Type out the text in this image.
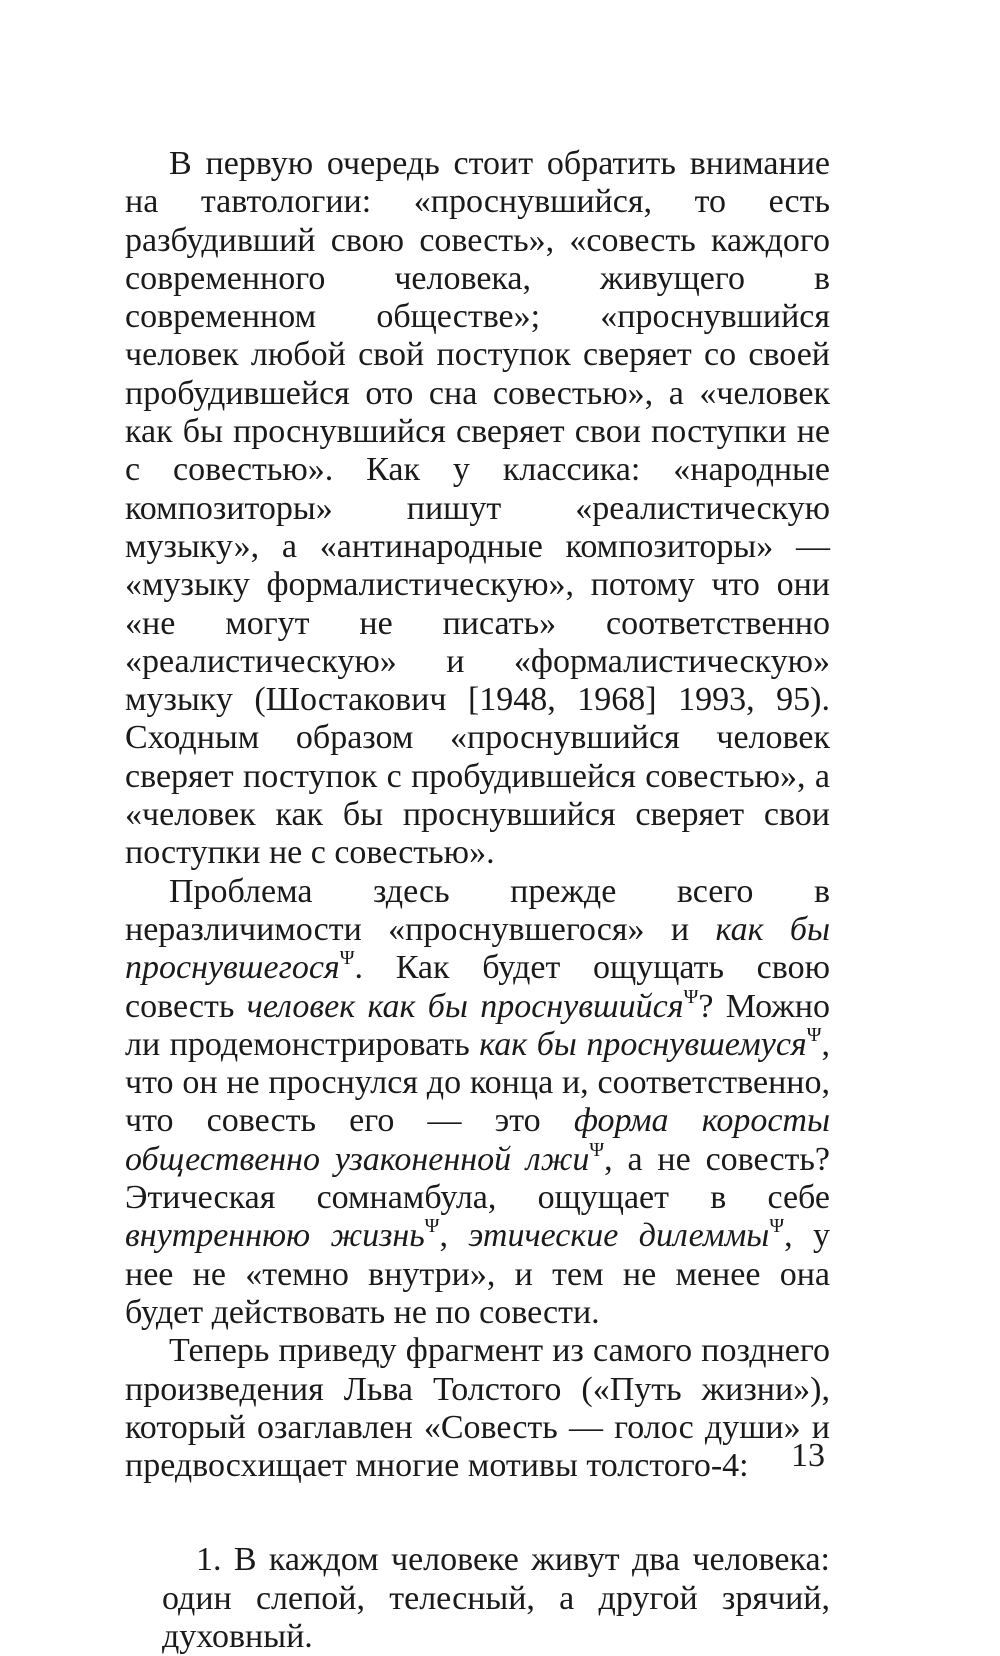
В первую очередь стоит обратить внимание на тавтологии: «проснувшийся, то есть разбудивший свою совесть», «совесть каждого современного человека, живущего в современном обществе»; «проснувшийся человек любой свой поступок сверяет со своей пробудившейся ото сна совестью», а «человек как бы проснувшийся сверяет свои поступки не с совестью». Как у классика: «народные композиторы» пишут «реалистическую музыку», а «антинародные композиторы» — «музыку формалистическую», потому что они «не могут не писать» соответственно «реалистическую» и «формалистическую» музыку (Шостакович [1948, 1968] 1993, 95). Сходным образом «проснувшийся человек сверяет поступок с пробудившейся совестью», а «человек как бы проснувшийся сверяет свои поступки не с совестью».

Проблема здесь прежде всего в неразличимости «проснувшегося» и как бы проснувшегося$^\Psi$. Как будет ощущать свою совесть человек как бы проснувшийся$^\Psi$? Можно ли продемонстрировать как бы проснувшемуся$^\Psi$, что он не проснулся до конца и, соответственно, что совесть его — это форма коросты общественно узаконенной лжи$^\Psi$, а не совесть? Этическая сомнамбула, ощущает в себе внутреннюю жизнь$^\Psi$, этические дилеммы$^\Psi$, у нее не «темно внутри», и тем не менее она будет действовать не по совести.

Теперь приведу фрагмент из самого позднего произведения Льва Толстого («Путь жизни»), который озаглавлен «Совесть — голос души» и предвосхищает многие мотивы толстого-4:

1. В каждом человеке живут два человека: один слепой, телесный, а другой зрячий, духовный.

13
